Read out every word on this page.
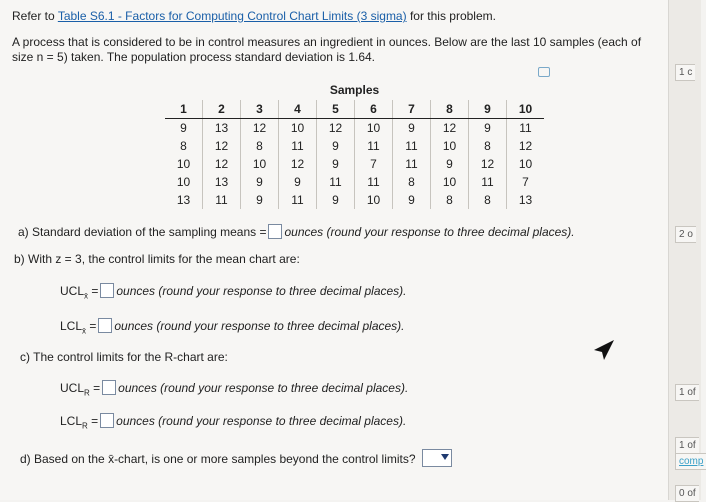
Refer to Table S6.1 - Factors for Computing Control Chart Limits (3 sigma) for this problem.
A process that is considered to be in control measures an ingredient in ounces. Below are the last 10 samples (each of size n = 5) taken. The population process standard deviation is 1.64.
Samples									
1	2	3	4	5	6	7	8	9	10
9	13	12	10	12	10	9	12	9	11
8	12	8	11	9	11	11	10	8	12
10	12	10	12	9	7	11	9	12	10
10	13	9	9	11	11	8	10	11	7
13	11	9	11	9	10	9	8	8	13
a) Standard deviation of the sampling means = ounces (round your response to three decimal places).
b) With z = 3, the control limits for the mean chart are:
$UCL_{x̄}$ = ounces (round your response to three decimal places).
$LCL_{x̄}$ = ounces (round your response to three decimal places).
c) The control limits for the R-chart are:
$UCL_R$ = ounces (round your response to three decimal places).
$LCL_R$ = ounces (round your response to three decimal places).
d) Based on the x̄-chart, is one or more samples beyond the control limits?
1 c
2 o
1 of
1 of
comp
0 of
